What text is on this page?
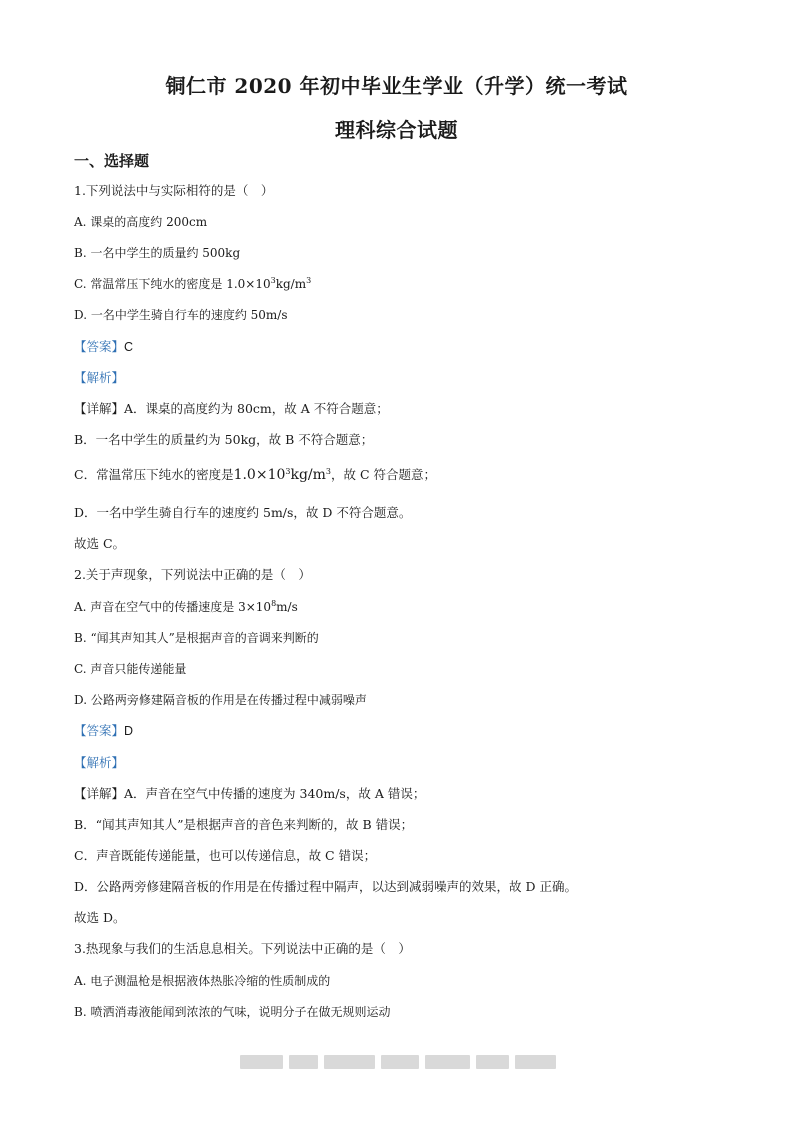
铜仁市 2020 年初中毕业生学业（升学）统一考试
理科综合试题
一、选择题
1.下列说法中与实际相符的是（　）
A. 课桌的高度约 200cm
B. 一名中学生的质量约 500kg
C. 常温常压下纯水的密度是 $1.0\times 10^3kg/m^3$
D. 一名中学生骑自行车的速度约 50m/s
【答案】C
【解析】
【详解】A．课桌的高度约为 80cm，故 A 不符合题意；
B．一名中学生的质量约为 50kg，故 B 不符合题意；
C．常温常压下纯水的密度是$1.0\times 10^3kg/m^3$，故 C 符合题意；
D．一名中学生骑自行车的速度约 5m/s，故 D 不符合题意。
故选 C。
2.关于声现象，下列说法中正确的是（　）
A. 声音在空气中的传播速度是 $3\times 10^8m/s$
B. “闻其声知其人”是根据声音的音调来判断的
C. 声音只能传递能量
D. 公路两旁修建隔音板的作用是在传播过程中减弱噪声
【答案】D
【解析】
【详解】A．声音在空气中传播的速度为 340m/s，故 A 错误；
B．“闻其声知其人”是根据声音的音色来判断的，故 B 错误；
C．声音既能传递能量，也可以传递信息，故 C 错误；
D．公路两旁修建隔音板的作用是在传播过程中隔声，以达到减弱噪声的效果，故 D 正确。
故选 D。
3.热现象与我们的生活息息相关。下列说法中正确的是（　）
A. 电子测温枪是根据液体热胀冷缩的性质制成的
B. 喷洒消毒液能闻到浓浓的气味，说明分子在做无规则运动
